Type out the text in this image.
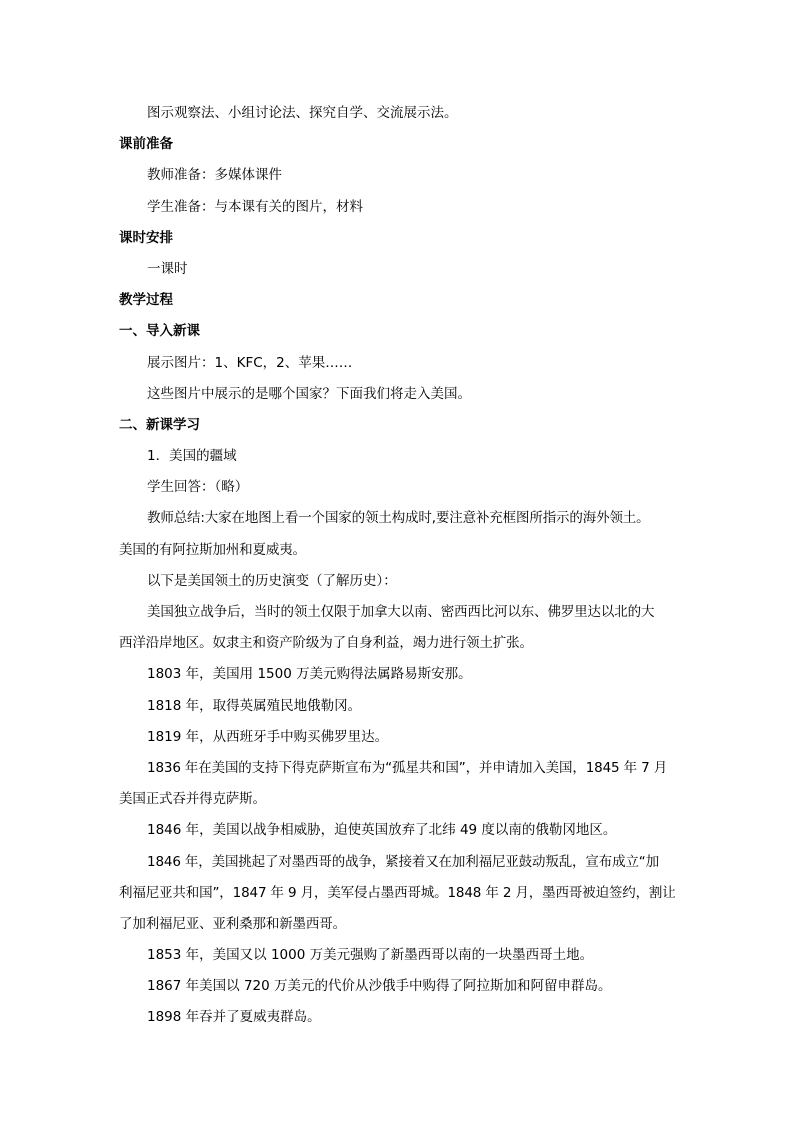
图示观察法、小组讨论法、探究自学、交流展示法。
课前准备
教师准备：多媒体课件
学生准备：与本课有关的图片，材料
课时安排
一课时
教学过程
一、导入新课
展示图片：1、KFC，2、苹果……
这些图片中展示的是哪个国家？下面我们将走入美国。
二、新课学习
1．美国的疆域
学生回答：（略）
教师总结:大家在地图上看一个国家的领土构成时,要注意补充框图所指示的海外领土。
美国的有阿拉斯加州和夏威夷。
以下是美国领土的历史演变（了解历史）：
美国独立战争后，当时的领土仅限于加拿大以南、密西西比河以东、佛罗里达以北的大
西洋沿岸地区。奴隶主和资产阶级为了自身利益，竭力进行领土扩张。
1803 年，美国用 1500 万美元购得法属路易斯安那。
1818 年，取得英属殖民地俄勒冈。
1819 年，从西班牙手中购买佛罗里达。
1836 年在美国的支持下得克萨斯宣布为“孤星共和国”，并申请加入美国，1845 年 7 月
美国正式吞并得克萨斯。
1846 年，美国以战争相威胁，迫使英国放弃了北纬 49 度以南的俄勒冈地区。
1846 年，美国挑起了对墨西哥的战争，紧接着又在加利福尼亚鼓动叛乱，宣布成立“加
利福尼亚共和国”，1847 年 9 月，美军侵占墨西哥城。1848 年 2 月，墨西哥被迫签约，割让
了加利福尼亚、亚利桑那和新墨西哥。
1853 年，美国又以 1000 万美元强购了新墨西哥以南的一块墨西哥土地。
1867 年美国以 720 万美元的代价从沙俄手中购得了阿拉斯加和阿留申群岛。
1898 年吞并了夏威夷群岛。
